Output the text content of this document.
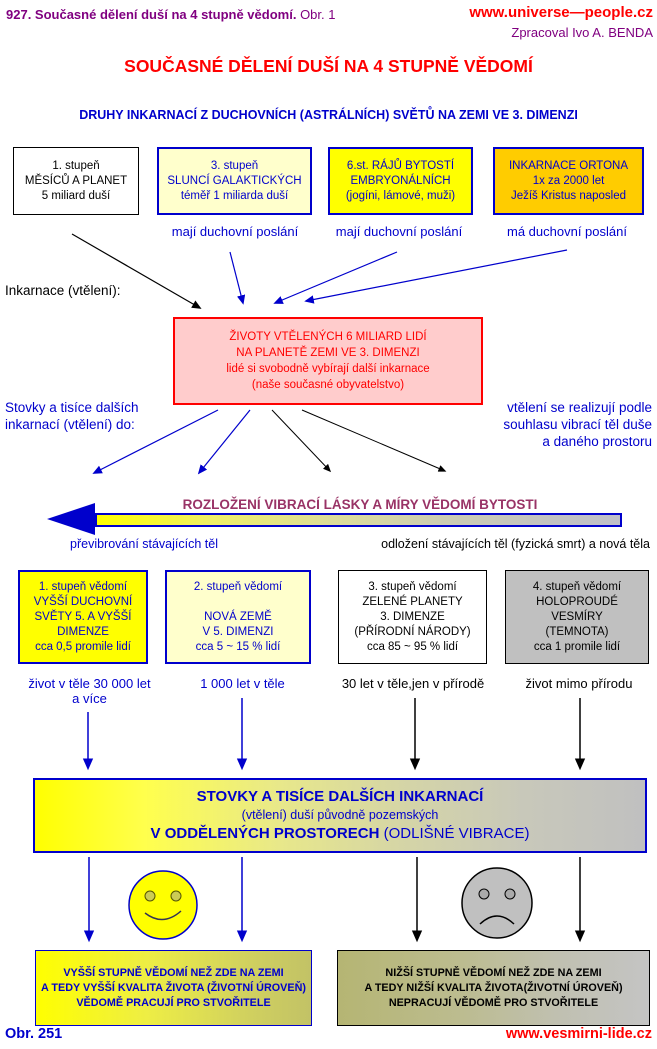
927. Současné dělení duší na 4 stupně vědomí. Obr. 1	www.universe—people.cz
Zpracoval Ivo A. BENDA
SOUČASNÉ DĚLENÍ DUŠÍ NA 4 STUPNĚ VĚDOMÍ
DRUHY INKARNACÍ Z DUCHOVNÍCH (ASTRÁLNÍCH) SVĚTŮ NA ZEMI VE 3. DIMENZI
1. stupeň
MĚSÍCŮ A PLANET
5 miliard duší
3. stupeň
SLUNCÍ GALAKTICKÝCH
téměř 1 miliarda duší
6.st. RÁJŮ BYTOSTÍ
EMBRYONÁLNÍCH
(jogíni, lámové, muži)
INKARNACE ORTONA
1x za 2000 let
Ježíš Kristus naposled
mají duchovní poslání	mají duchovní poslání	má duchovní poslání
Inkarnace (vtělení):
ŽIVOTY VTĚLENÝCH 6 MILIARD LIDÍ
NA PLANETĚ ZEMI VE 3. DIMENZI
lidé si svobodně vybírají další inkarnace
(naše současné obyvatelstvo)
Stovky a tisíce dalších
inkarnací (vtělení) do:
vtělení se realizují podle
souhlasu vibrací těl duše
a daného prostoru
ROZLOŽENÍ VIBRACÍ LÁSKY A MÍRY VĚDOMÍ BYTOSTI
převibrování stávajících těl	odložení stávajících těl (fyzická smrt) a nová těla
1. stupeň vědomí
VYŠŠÍ DUCHOVNÍ
SVĚTY 5. A VYŠŠÍ
DIMENZE
cca 0,5 promile lidí
2. stupeň vědomí
NOVÁ ZEMĚ
V 5. DIMENZI
cca 5 ~ 15 % lidí
3. stupeň vědomí
ZELENÉ PLANETY
3. DIMENZE
(PŘÍRODNÍ NÁRODY)
cca 85 ~ 95 % lidí
4. stupeň vědomí
HOLOPROUDÉ
VESMÍRY
(TEMNOTA)
cca 1 promile lidí
život v těle 30 000 let
a více
1 000 let v těle	30 let v těle,jen v přírodě	život mimo přírodu
STOVKY A TISÍCE DALŠÍCH INKARNACÍ
(vtělení) duší původně pozemských
V ODDĚLENÝCH PROSTORECH (ODLIŠNÉ VIBRACE)
VYŠŠÍ STUPNĚ VĚDOMÍ NEŽ ZDE NA ZEMI
A TEDY VYŠŠÍ KVALITA ŽIVOTA (ŽIVOTNÍ ÚROVEŇ)
VĚDOMĚ PRACUJÍ PRO STVOŘITELE
NIŽŠÍ STUPNĚ VĚDOMÍ NEŽ ZDE NA ZEMI
A TEDY NIŽŠÍ KVALITA ŽIVOTA(ŽIVOTNÍ ÚROVEŇ)
NEPRACUJÍ VĚDOMĚ PRO STVOŘITELE
Obr. 251	www.vesmirni-lide.cz
